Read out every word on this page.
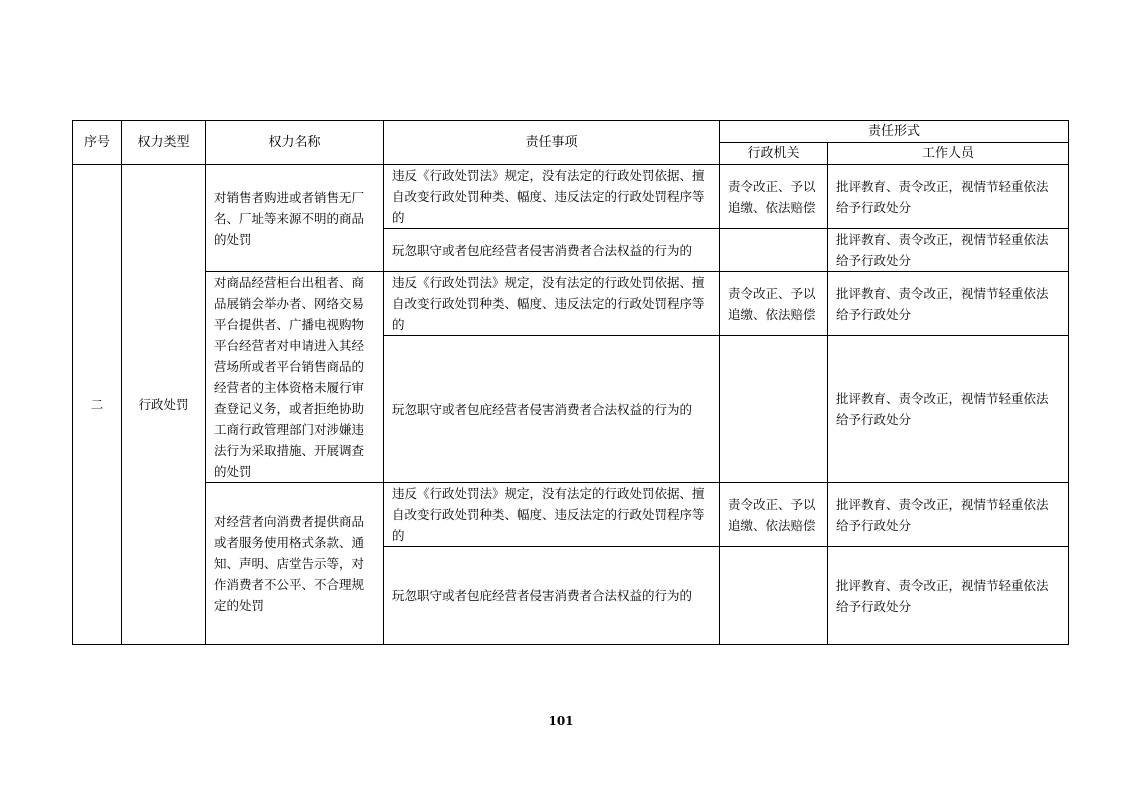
序号	权力类型	权力名称	责任事项	责任形式	
				行政机关	工作人员
二	行政处罚	对销售者购进或者销售无厂名、厂址等来源不明的商品的处罚	违反《行政处罚法》规定，没有法定的行政处罚依据、擅自改变行政处罚种类、幅度、违反法定的行政处罚程序等的	责令改正、予以追缴、依法赔偿	批评教育、责令改正，视情节轻重依法给予行政处分
			玩忽职守或者包庇经营者侵害消费者合法权益的行为的		批评教育、责令改正，视情节轻重依法给予行政处分
		对商品经营柜台出租者、商品展销会举办者、网络交易平台提供者、广播电视购物平台经营者对申请进入其经营场所或者平台销售商品的经营者的主体资格未履行审查登记义务，或者拒绝协助工商行政管理部门对涉嫌违法行为采取措施、开展调查的处罚	违反《行政处罚法》规定，没有法定的行政处罚依据、擅自改变行政处罚种类、幅度、违反法定的行政处罚程序等的	责令改正、予以追缴、依法赔偿	批评教育、责令改正，视情节轻重依法给予行政处分
			玩忽职守或者包庇经营者侵害消费者合法权益的行为的		批评教育、责令改正，视情节轻重依法给予行政处分
		对经营者向消费者提供商品或者服务使用格式条款、通知、声明、店堂告示等，对作消费者不公平、不合理规定的处罚	违反《行政处罚法》规定，没有法定的行政处罚依据、擅自改变行政处罚种类、幅度、违反法定的行政处罚程序等的	责令改正、予以追缴、依法赔偿	批评教育、责令改正，视情节轻重依法给予行政处分
			玩忽职守或者包庇经营者侵害消费者合法权益的行为的		批评教育、责令改正，视情节轻重依法给予行政处分
101
